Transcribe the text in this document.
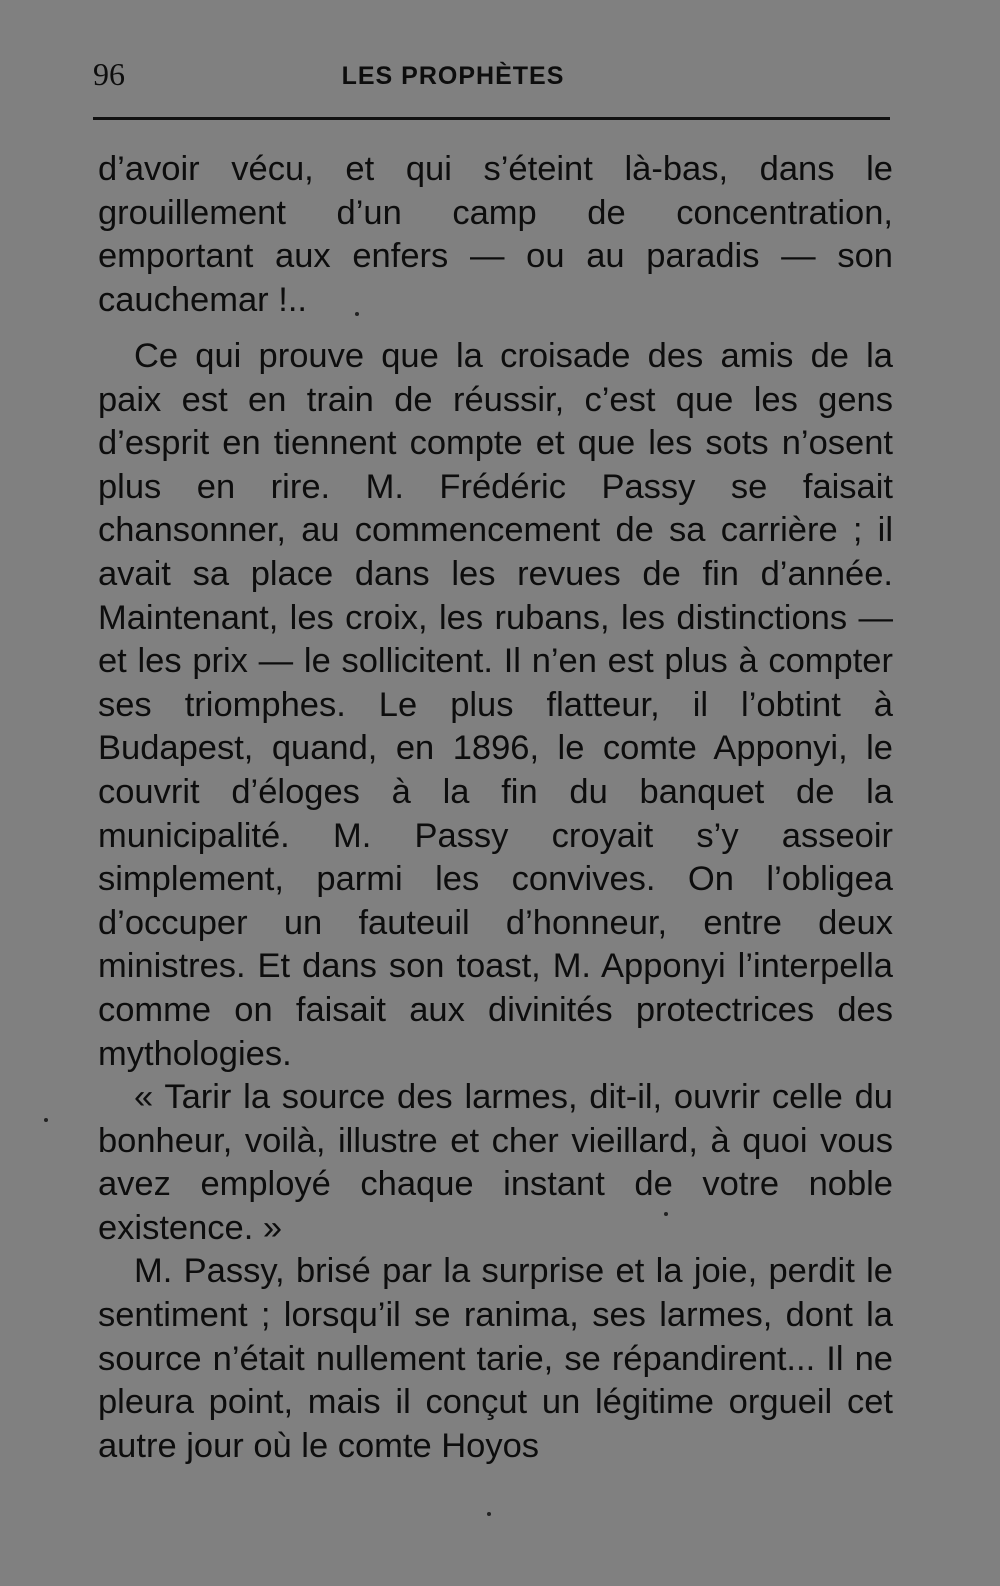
96	LES PROPHÈTES

d’avoir vécu, et qui s’éteint là-bas, dans le grouillement d’un camp de concentration, emportant aux enfers — ou au paradis — son cauchemar !..

Ce qui prouve que la croisade des amis de la paix est en train de réussir, c’est que les gens d’esprit en tiennent compte et que les sots n’osent plus en rire. M. Frédéric Passy se faisait chansonner, au commencement de sa carrière ; il avait sa place dans les revues de fin d’année. Maintenant, les croix, les rubans, les distinctions — et les prix — le sollicitent. Il n’en est plus à compter ses triomphes. Le plus flatteur, il l’obtint à Budapest, quand, en 1896, le comte Apponyi, le couvrit d’éloges à la fin du banquet de la municipalité. M. Passy croyait s’y asseoir simplement, parmi les convives. On l’obligea d’occuper un fauteuil d’honneur, entre deux ministres. Et dans son toast, M. Apponyi l’interpella comme on faisait aux divinités protectrices des mythologies.

« Tarir la source des larmes, dit-il, ouvrir celle du bonheur, voilà, illustre et cher vieillard, à quoi vous avez employé chaque instant de votre noble existence. »

M. Passy, brisé par la surprise et la joie, perdit le sentiment ; lorsqu’il se ranima, ses larmes, dont la source n’était nullement tarie, se répandirent... Il ne pleura point, mais il conçut un légitime orgueil cet autre jour où le comte Hoyos
